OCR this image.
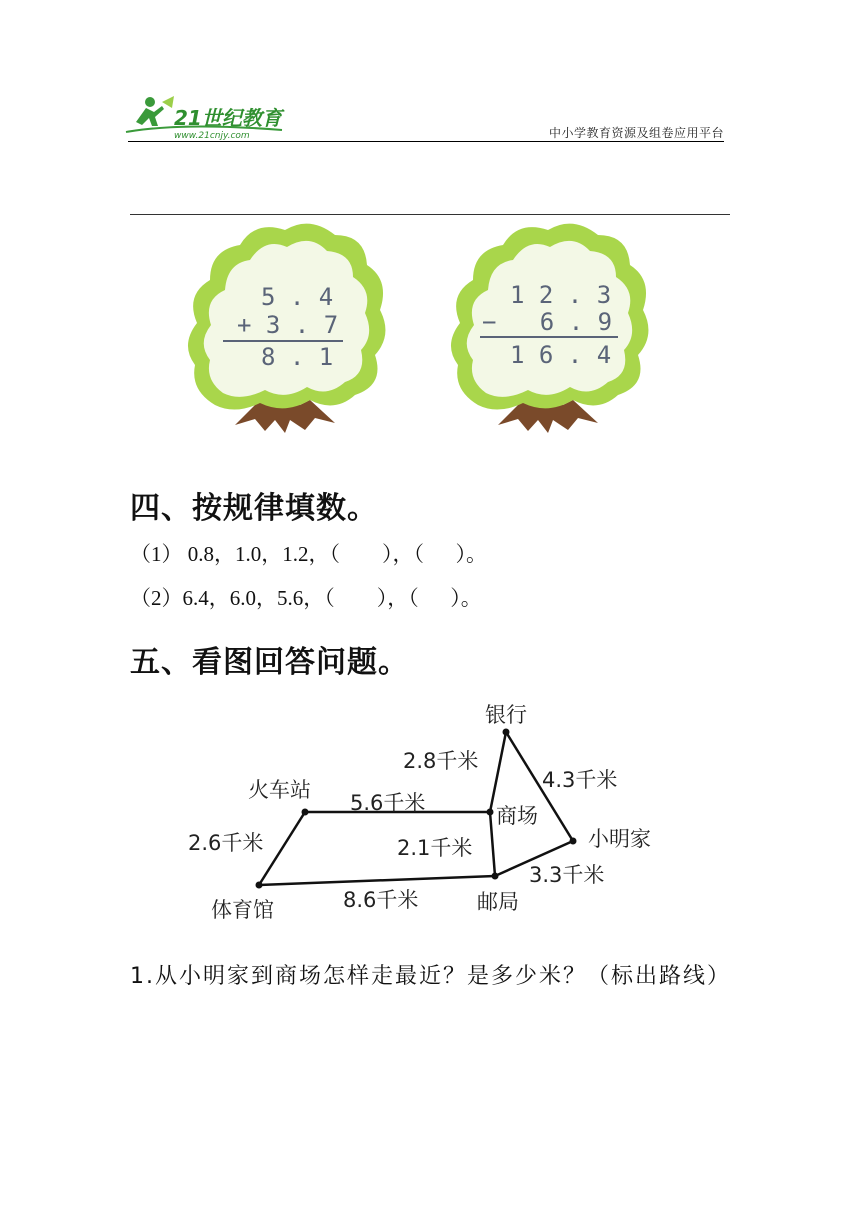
21世纪教育
www.21cnjy.com	中小学教育资源及组卷应用平台
5 . 4
+ 3 . 7
8 . 1
1 2 . 3
−   6 . 9
1 6 . 4
四、按规律填数。
（1） 0.8，1.0，1.2，（        ），（      ）。
（2）6.4，6.0，5.6，（        ），（      ）。
五、看图回答问题。
银行
火车站
商场
小明家
体育馆	邮局
2.8千米
4.3千米
5.6千米
2.6千米	2.1千米
3.3千米
8.6千米
1.从小明家到商场怎样走最近？是多少米？（标出路线）
